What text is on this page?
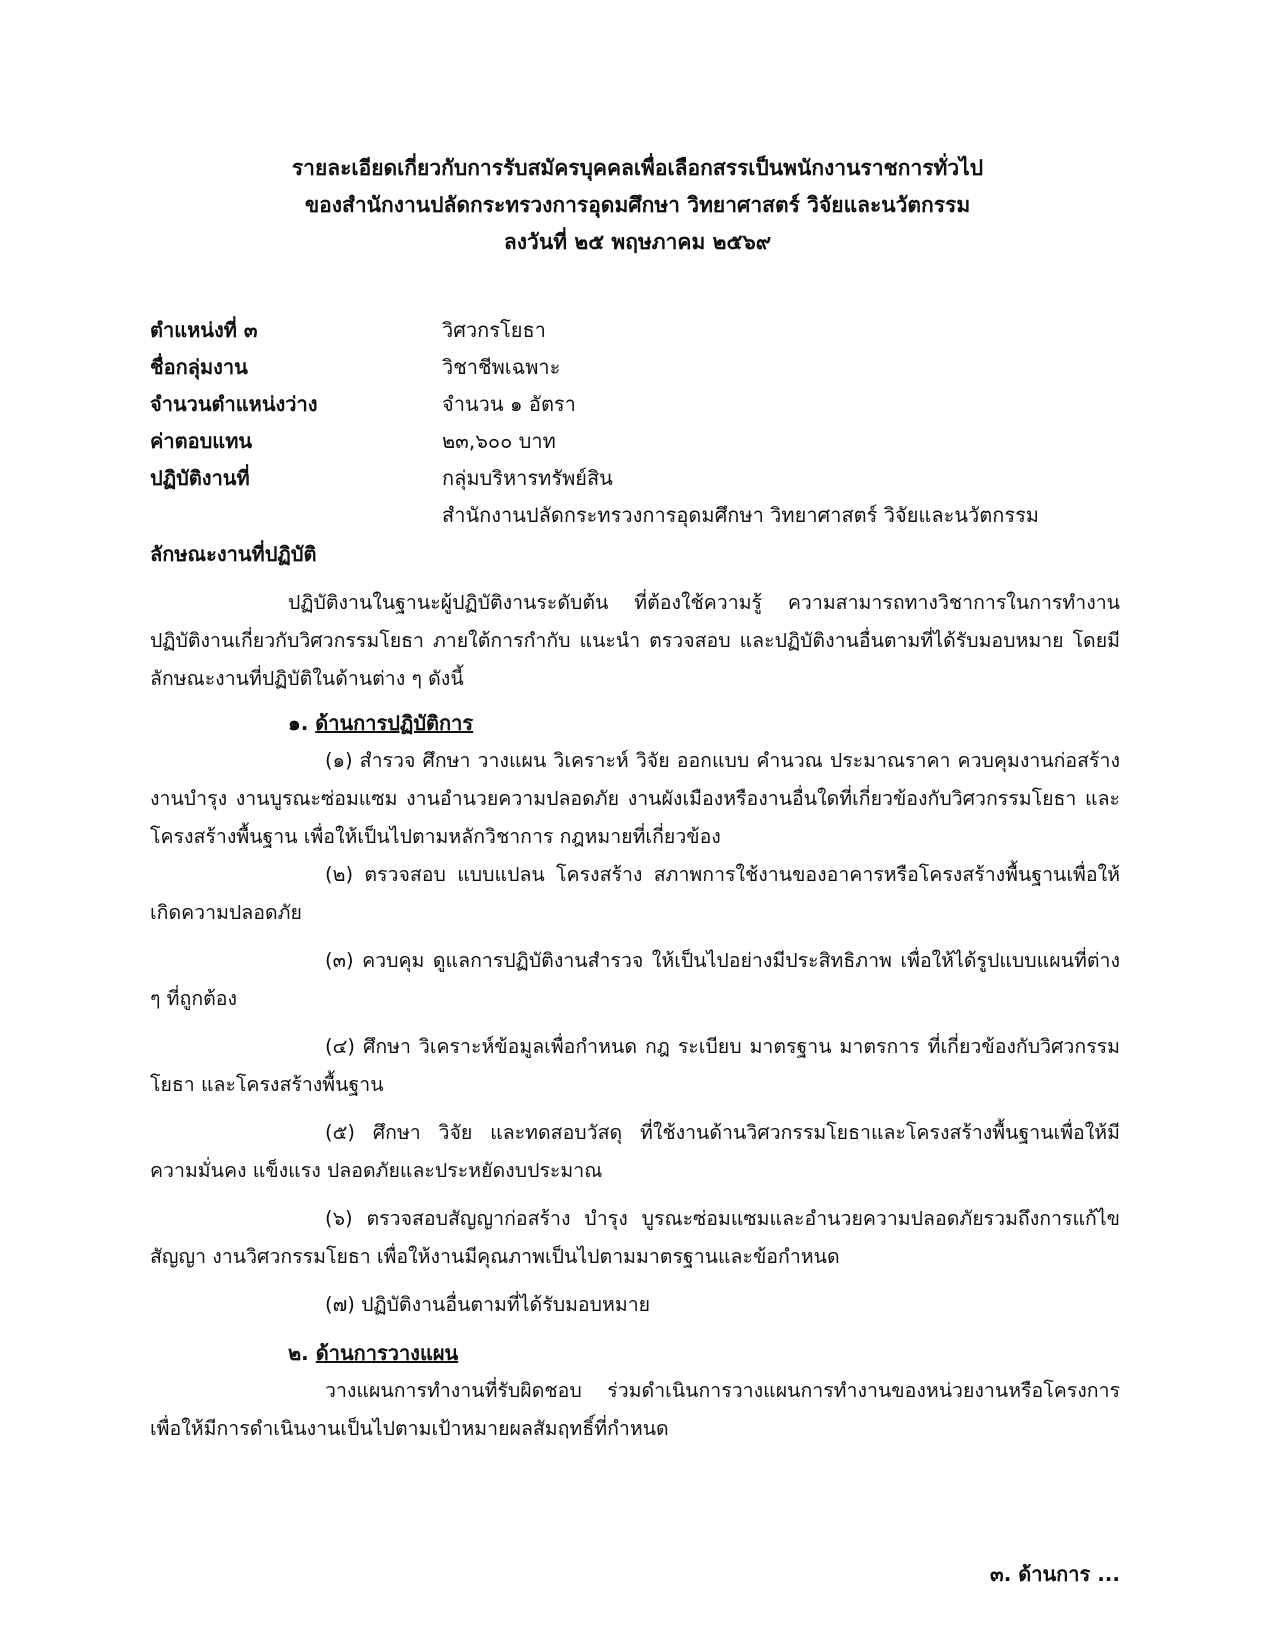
รายละเอียดเกี่ยวกับการรับสมัครบุคคลเพื่อเลือกสรรเป็นพนักงานราชการทั่วไป
ของสำนักงานปลัดกระทรวงการอุดมศึกษา วิทยาศาสตร์ วิจัยและนวัตกรรม
ลงวันที่ ๒๕ พฤษภาคม ๒๕๖๙
ตำแหน่งที่ ๓	วิศวกรโยธา
ชื่อกลุ่มงาน	วิชาชีพเฉพาะ
จำนวนตำแหน่งว่าง	จำนวน ๑ อัตรา
ค่าตอบแทน	๒๓,๖๐๐ บาท
ปฏิบัติงานที่	กลุ่มบริหารทรัพย์สิน
สำนักงานปลัดกระทรวงการอุดมศึกษา วิทยาศาสตร์ วิจัยและนวัตกรรม
ลักษณะงานที่ปฏิบัติ

ปฏิบัติงานในฐานะผู้ปฏิบัติงานระดับต้น ที่ต้องใช้ความรู้ ความสามารถทางวิชาการในการทำงาน ปฏิบัติงานเกี่ยวกับวิศวกรรมโยธา ภายใต้การกำกับ แนะนำ ตรวจสอบ และปฏิบัติงานอื่นตามที่ได้รับมอบหมาย โดยมีลักษณะงานที่ปฏิบัติในด้านต่าง ๆ ดังนี้

๑. ด้านการปฏิบัติการ

(๑) สำรวจ ศึกษา วางแผน วิเคราะห์ วิจัย ออกแบบ คำนวณ ประมาณราคา ควบคุมงานก่อสร้าง งานบำรุง งานบูรณะซ่อมแซม งานอำนวยความปลอดภัย งานผังเมืองหรืองานอื่นใดที่เกี่ยวข้องกับวิศวกรรมโยธา และโครงสร้างพื้นฐาน เพื่อให้เป็นไปตามหลักวิชาการ กฎหมายที่เกี่ยวข้อง

(๒) ตรวจสอบ แบบแปลน โครงสร้าง สภาพการใช้งานของอาคารหรือโครงสร้างพื้นฐานเพื่อให้เกิดความปลอดภัย

(๓) ควบคุม ดูแลการปฏิบัติงานสำรวจ ให้เป็นไปอย่างมีประสิทธิภาพ เพื่อให้ได้รูปแบบแผนที่ต่าง ๆ ที่ถูกต้อง

(๔) ศึกษา วิเคราะห์ข้อมูลเพื่อกำหนด กฎ ระเบียบ มาตรฐาน มาตรการ ที่เกี่ยวข้องกับวิศวกรรมโยธา และโครงสร้างพื้นฐาน

(๕) ศึกษา วิจัย และทดสอบวัสดุ ที่ใช้งานด้านวิศวกรรมโยธาและโครงสร้างพื้นฐานเพื่อให้มีความมั่นคง แข็งแรง ปลอดภัยและประหยัดงบประมาณ

(๖) ตรวจสอบสัญญาก่อสร้าง บำรุง บูรณะซ่อมแซมและอำนวยความปลอดภัยรวมถึงการแก้ไขสัญญา งานวิศวกรรมโยธา เพื่อให้งานมีคุณภาพเป็นไปตามมาตรฐานและข้อกำหนด

(๗) ปฏิบัติงานอื่นตามที่ได้รับมอบหมาย

๒. ด้านการวางแผน

วางแผนการทำงานที่รับผิดชอบ ร่วมดำเนินการวางแผนการทำงานของหน่วยงานหรือโครงการ เพื่อให้มีการดำเนินงานเป็นไปตามเป้าหมายผลสัมฤทธิ์ที่กำหนด

๓. ด้านการ ...
